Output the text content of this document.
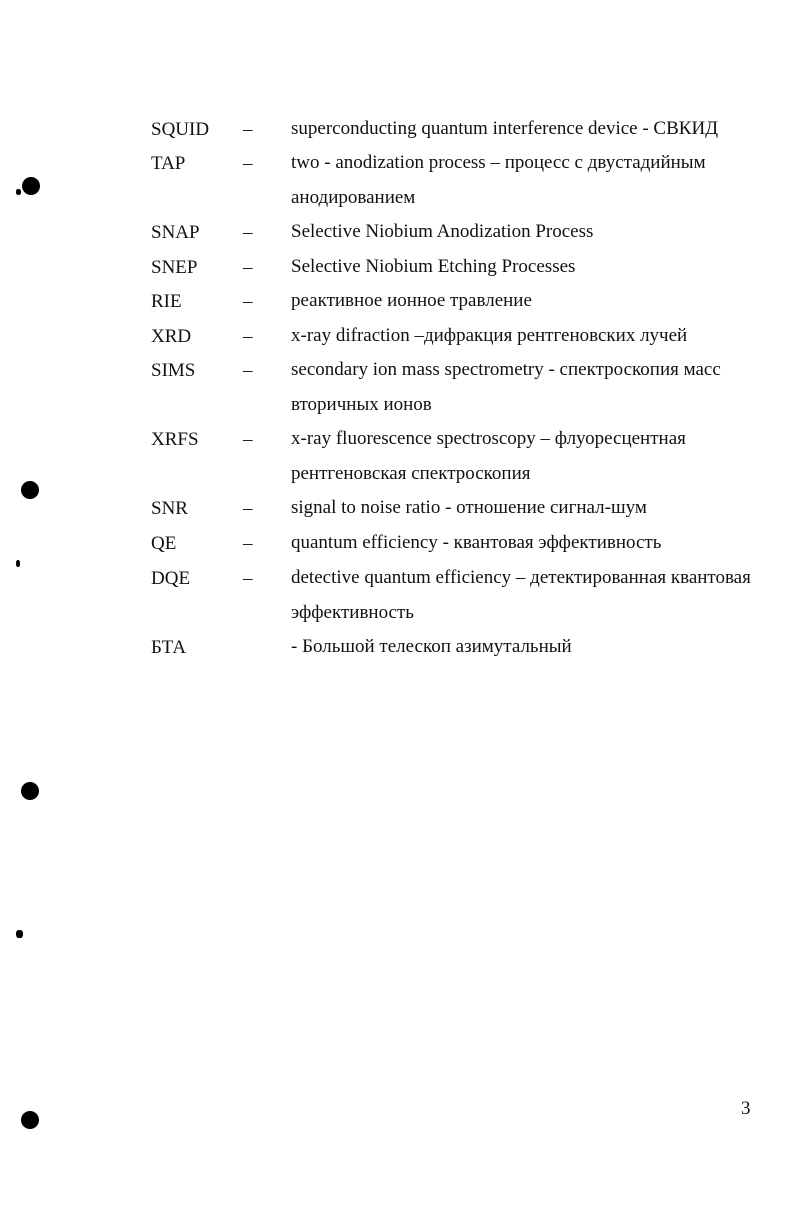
SQUID – superconducting quantum interference device - СВКИД
TAP	– two - anodization process – процесс с двустадийным анодированием
SNAP – Selective Niobium Anodization Process
SNEP – Selective Niobium Etching Processes
RIE	– реактивное ионное травление
XRD	– x-ray difraction –дифракция рентгеновских лучей
SIMS	– secondary ion mass spectrometry - спектроскопия масс вторичных ионов
XRFS – x-ray fluorescence spectroscopy – флуоресцентная рентгеновская спектроскопия
SNR	– signal to noise ratio - отношение сигнал-шум
QE	– quantum efficiency - квантовая эффективность
DQE	– detective quantum efficiency – детектированная квантовая эффективность
БТА	- Большой телескоп азимутальный
3
